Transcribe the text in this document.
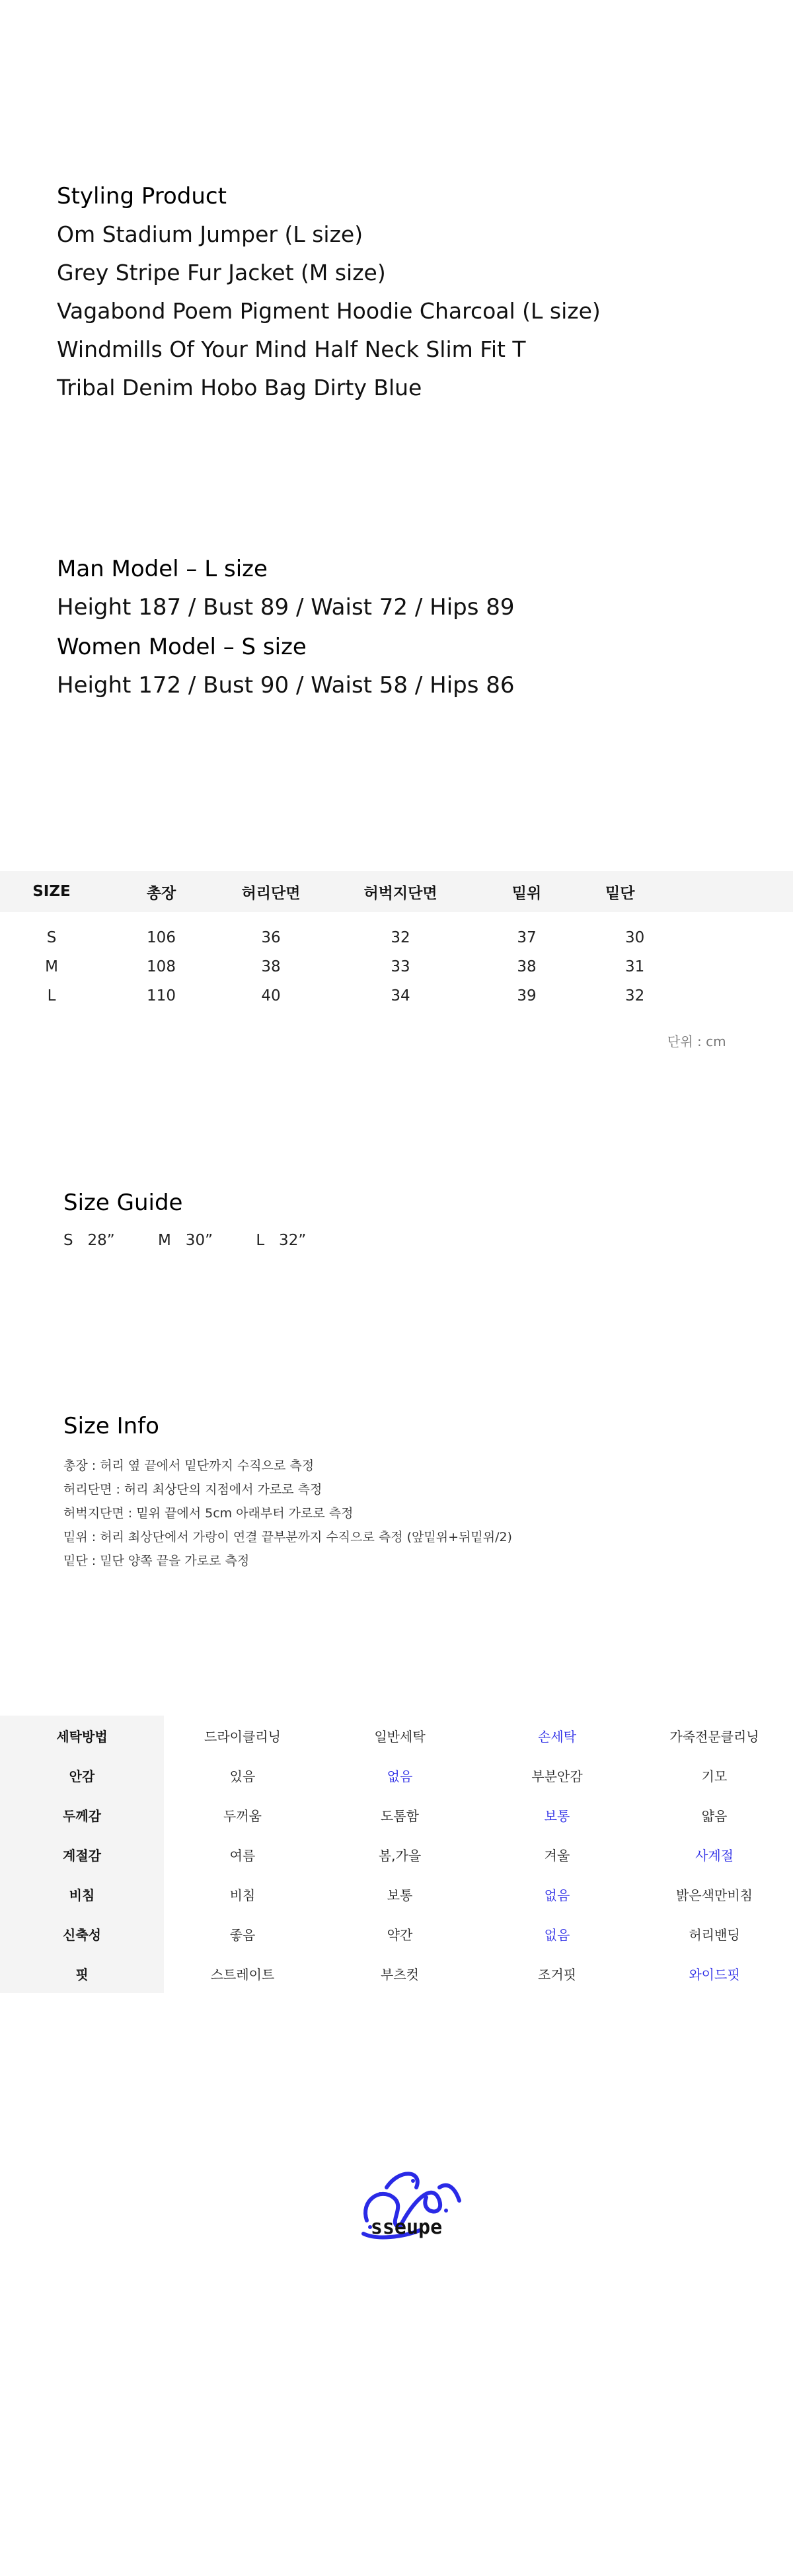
Styling Product

Om Stadium Jumper (L size)

Grey Stripe Fur Jacket (M size)

Vagabond Poem Pigment Hoodie Charcoal (L size)

Windmills Of Your Mind Half Neck Slim Fit T

Tribal Denim Hobo Bag Dirty Blue

Man Model – L size

Height 187 / Bust 89 / Waist 72 / Hips 89

Women Model – S size

Height 172 / Bust 90 / Waist 58 / Hips 86

SIZE	총장	허리단면	허벅지단면	밑위	밑단
S	106	36	32	37	30
M	108	38	33	38	31
L	110	40	34	39	32
단위 : cm

Size Guide

S   28”	M   30”	L   32”

Size Info

총장 : 허리 옆 끝에서 밑단까지 수직으로 측정

허리단면 : 허리 최상단의 지점에서 가로로 측정

허벅지단면 : 밑위 끝에서 5cm 아래부터 가로로 측정

밑위 : 허리 최상단에서 가랑이 연결 끝부분까지 수직으로 측정 (앞밑위+뒤밑위/2)

밑단 : 밑단 양쪽 끝을 가로로 측정

세탁방법	드라이클리닝	일반세탁	손세탁	가죽전문클리닝
안감	있음	없음	부분안감	기모
두께감	두꺼움	도톰함	보통	얇음
계절감	여름	봄,가을	겨울	사계절
비침	비침	보통	없음	밝은색만비침
신축성	좋음	약간	없음	허리밴딩
핏	스트레이트	부츠컷	조거핏	와이드핏
sseupe
